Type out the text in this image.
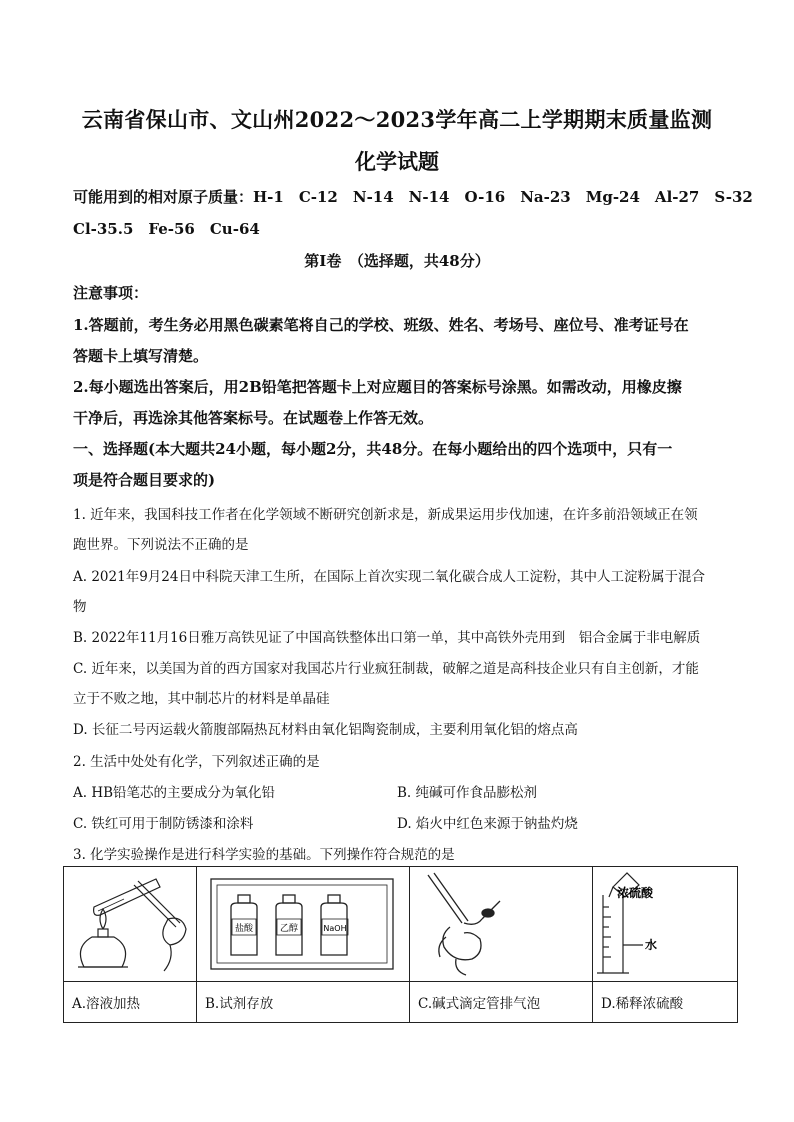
云南省保山市、文山州2022～2023学年高二上学期期末质量监测
化学试题
可能用到的相对原子质量：H-1　C-12　N-14　N-14　O-16　Na-23　Mg-24　Al-27　S-32
Cl-35.5　Fe-56　Cu-64
第Ⅰ卷　（选择题，共48分）
注意事项：
1.答题前，考生务必用黑色碳素笔将自己的学校、班级、姓名、考场号、座位号、准考证号在
答题卡上填写清楚。
2.每小题选出答案后，用2B铅笔把答题卡上对应题目的答案标号涂黑。如需改动，用橡皮擦
干净后，再选涂其他答案标号。在试题卷上作答无效。
一、选择题(本大题共24小题，每小题2分，共48分。在每小题给出的四个选项中，只有一
项是符合题目要求的)
1. 近年来，我国科技工作者在化学领域不断研究创新求是，新成果运用步伐加速，在许多前沿领域正在领
跑世界。下列说法不正确的是
A. 2021年9月24日中科院天津工生所，在国际上首次实现二氧化碳合成人工淀粉，其中人工淀粉属于混合
物
B. 2022年11月16日雅万高铁见证了中国高铁整体出口第一单，其中高铁外壳用到　铝合金属于非电解质
C. 近年来，以美国为首的西方国家对我国芯片行业疯狂制裁，破解之道是高科技企业只有自主创新，才能
立于不败之地，其中制芯片的材料是单晶硅
D. 长征二号丙运载火箭腹部隔热瓦材料由氧化铝陶瓷制成，主要利用氧化铝的熔点高
2. 生活中处处有化学，下列叙述正确的是
A. HB铅笔芯的主要成分为氧化铅	B. 纯碱可作食品膨松剂
C. 铁红可用于制防锈漆和涂料	D. 焰火中红色来源于钠盐灼烧
3. 化学实验操作是进行科学实验的基础。下列操作符合规范的是

盐酸 乙醇 NaOH		浓硫酸
水

A.溶液加热	B.试剂存放	C.碱式滴定管排气泡	D.稀释浓硫酸
